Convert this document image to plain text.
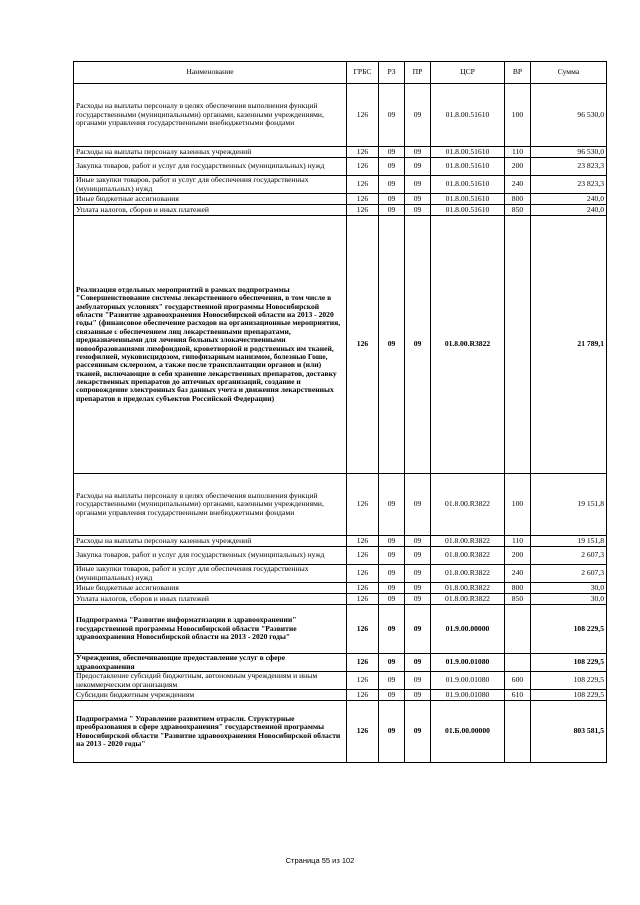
Наименование	ГРБС	РЗ	ПР	ЦСР	ВР	Сумма
Расходы на выплаты персоналу в целях обеспечения выполнения функций государственными (муниципальными) органами, казенными учреждениями, органами управления государственными внебюджетными фондами	126	09	09	01.8.00.51610	100	96 530,0
Расходы на выплаты персоналу казенных учреждений	126	09	09	01.8.00.51610	110	96 530,0
Закупка товаров, работ и услуг для государственных (муниципальных) нужд	126	09	09	01.8.00.51610	200	23 823,3
Иные закупки товаров, работ и услуг для обеспечения государственных (муниципальных) нужд	126	09	09	01.8.00.51610	240	23 823,3
Иные бюджетные ассигнования	126	09	09	01.8.00.51610	800	240,0
Уплата налогов, сборов и иных платежей	126	09	09	01.8.00.51610	850	240,0
Реализация отдельных мероприятий в рамках подпрограммы "Совершенствование системы лекарственного обеспечения, в том числе в амбулаторных условиях" государственной программы Новосибирской области "Развитие здравоохранения Новосибирской области на 2013 - 2020 годы" (финансовое обеспечение расходов на организационные мероприятия, связанные с обеспечением лиц лекарственными препаратами, предназначенными для лечения больных злокачественными новообразованиями лимфоидной, кроветворной и родственных им тканей, гемофилией, муковисцидозом, гипофизарным нанизмом, болезнью Гоше, рассеянным склерозом, а также после трансплантации органов и (или) тканей, включающие в себя хранение лекарственных препаратов, доставку лекарственных препаратов до аптечных организаций, создание и сопровождение электронных баз данных учета и движения лекарственных препаратов в пределах субъектов Российской Федерации)	126	09	09	01.8.00.R3822		21 789,1
Расходы на выплаты персоналу в целях обеспечения выполнения функций государственными (муниципальными) органами, казенными учреждениями, органами управления государственными внебюджетными фондами	126	09	09	01.8.00.R3822	100	19 151,8
Расходы на выплаты персоналу казенных учреждений	126	09	09	01.8.00.R3822	110	19 151,8
Закупка товаров, работ и услуг для государственных (муниципальных) нужд	126	09	09	01.8.00.R3822	200	2 607,3
Иные закупки товаров, работ и услуг для обеспечения государственных (муниципальных) нужд	126	09	09	01.8.00.R3822	240	2 607,3
Иные бюджетные ассигнования	126	09	09	01.8.00.R3822	800	30,0
Уплата налогов, сборов и иных платежей	126	09	09	01.8.00.R3822	850	30,0
Подпрограмма "Развитие информатизации в здравоохранении" государственной программы Новосибирской области "Развитие здравоохранения Новосибирской области на 2013 - 2020 годы"	126	09	09	01.9.00.00000		108 229,5
Учреждения, обеспечивающие предоставление услуг в сфере здравоохранения	126	09	09	01.9.00.01080		108 229,5
Предоставление субсидий бюджетным, автономным учреждениям и иным некоммерческим организациям	126	09	09	01.9.00.01080	600	108 229,5
Субсидии бюджетным учреждениям	126	09	09	01.9.00.01080	610	108 229,5
Подпрограмма " Управление развитием отрасли. Структурные преобразования в сфере здравоохранения" государственной программы Новосибирской области "Развитие здравоохранения Новосибирской области на 2013 - 2020 годы"	126	09	09	01.Б.00.00000		803 581,5
Страница 55 из 102
